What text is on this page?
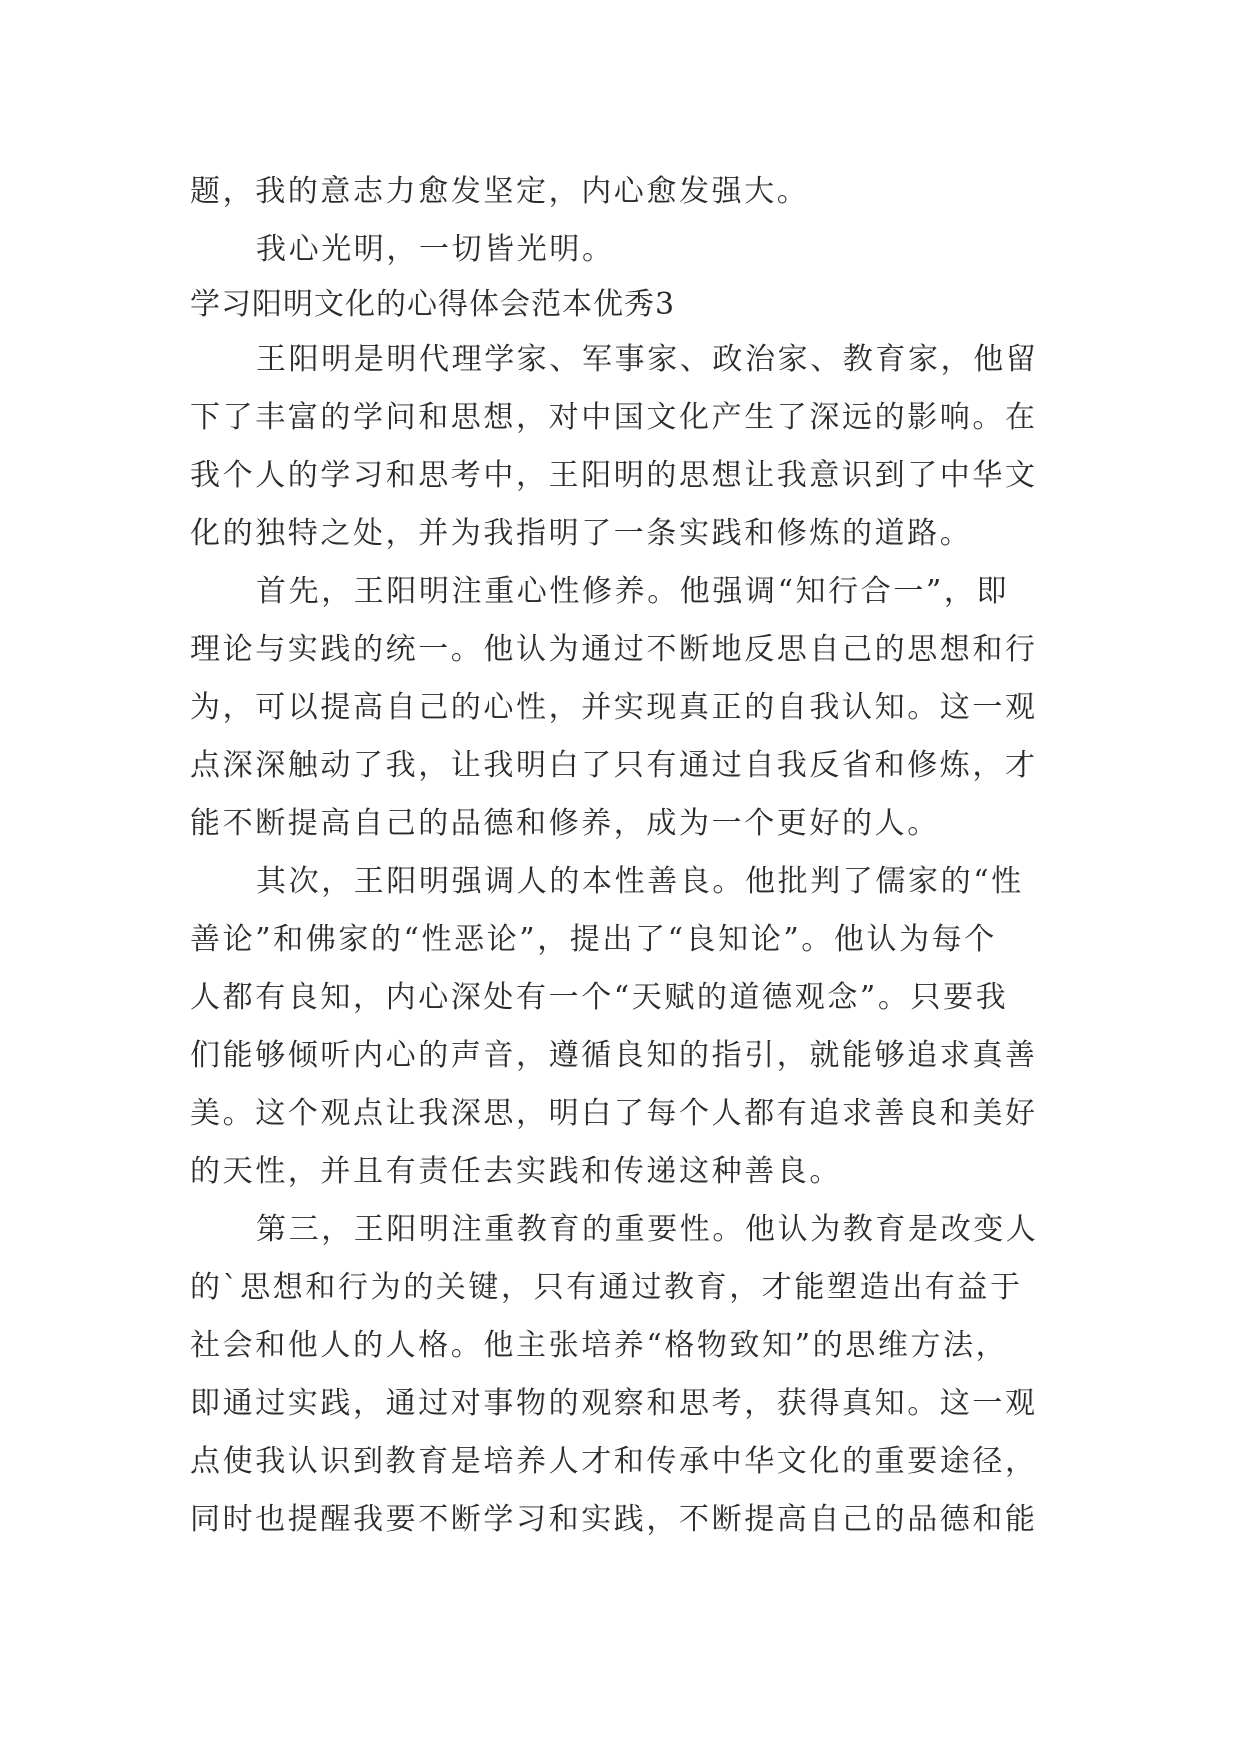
题，我的意志力愈发坚定，内心愈发强大。
我心光明，一切皆光明。
学习阳明文化的心得体会范本优秀3
王阳明是明代理学家、军事家、政治家、教育家，他留
下了丰富的学问和思想，对中国文化产生了深远的影响。在
我个人的学习和思考中，王阳明的思想让我意识到了中华文
化的独特之处，并为我指明了一条实践和修炼的道路。
首先，王阳明注重心性修养。他强调“知行合一”，即
理论与实践的统一。他认为通过不断地反思自己的思想和行
为，可以提高自己的心性，并实现真正的自我认知。这一观
点深深触动了我，让我明白了只有通过自我反省和修炼，才
能不断提高自己的品德和修养，成为一个更好的人。
其次，王阳明强调人的本性善良。他批判了儒家的“性
善论”和佛家的“性恶论”，提出了“良知论”。他认为每个
人都有良知，内心深处有一个“天赋的道德观念”。只要我
们能够倾听内心的声音，遵循良知的指引，就能够追求真善
美。这个观点让我深思，明白了每个人都有追求善良和美好
的天性，并且有责任去实践和传递这种善良。
第三，王阳明注重教育的重要性。他认为教育是改变人
的`思想和行为的关键，只有通过教育，才能塑造出有益于
社会和他人的人格。他主张培养“格物致知”的思维方法，
即通过实践，通过对事物的观察和思考，获得真知。这一观
点使我认识到教育是培养人才和传承中华文化的重要途径，
同时也提醒我要不断学习和实践，不断提高自己的品德和能
